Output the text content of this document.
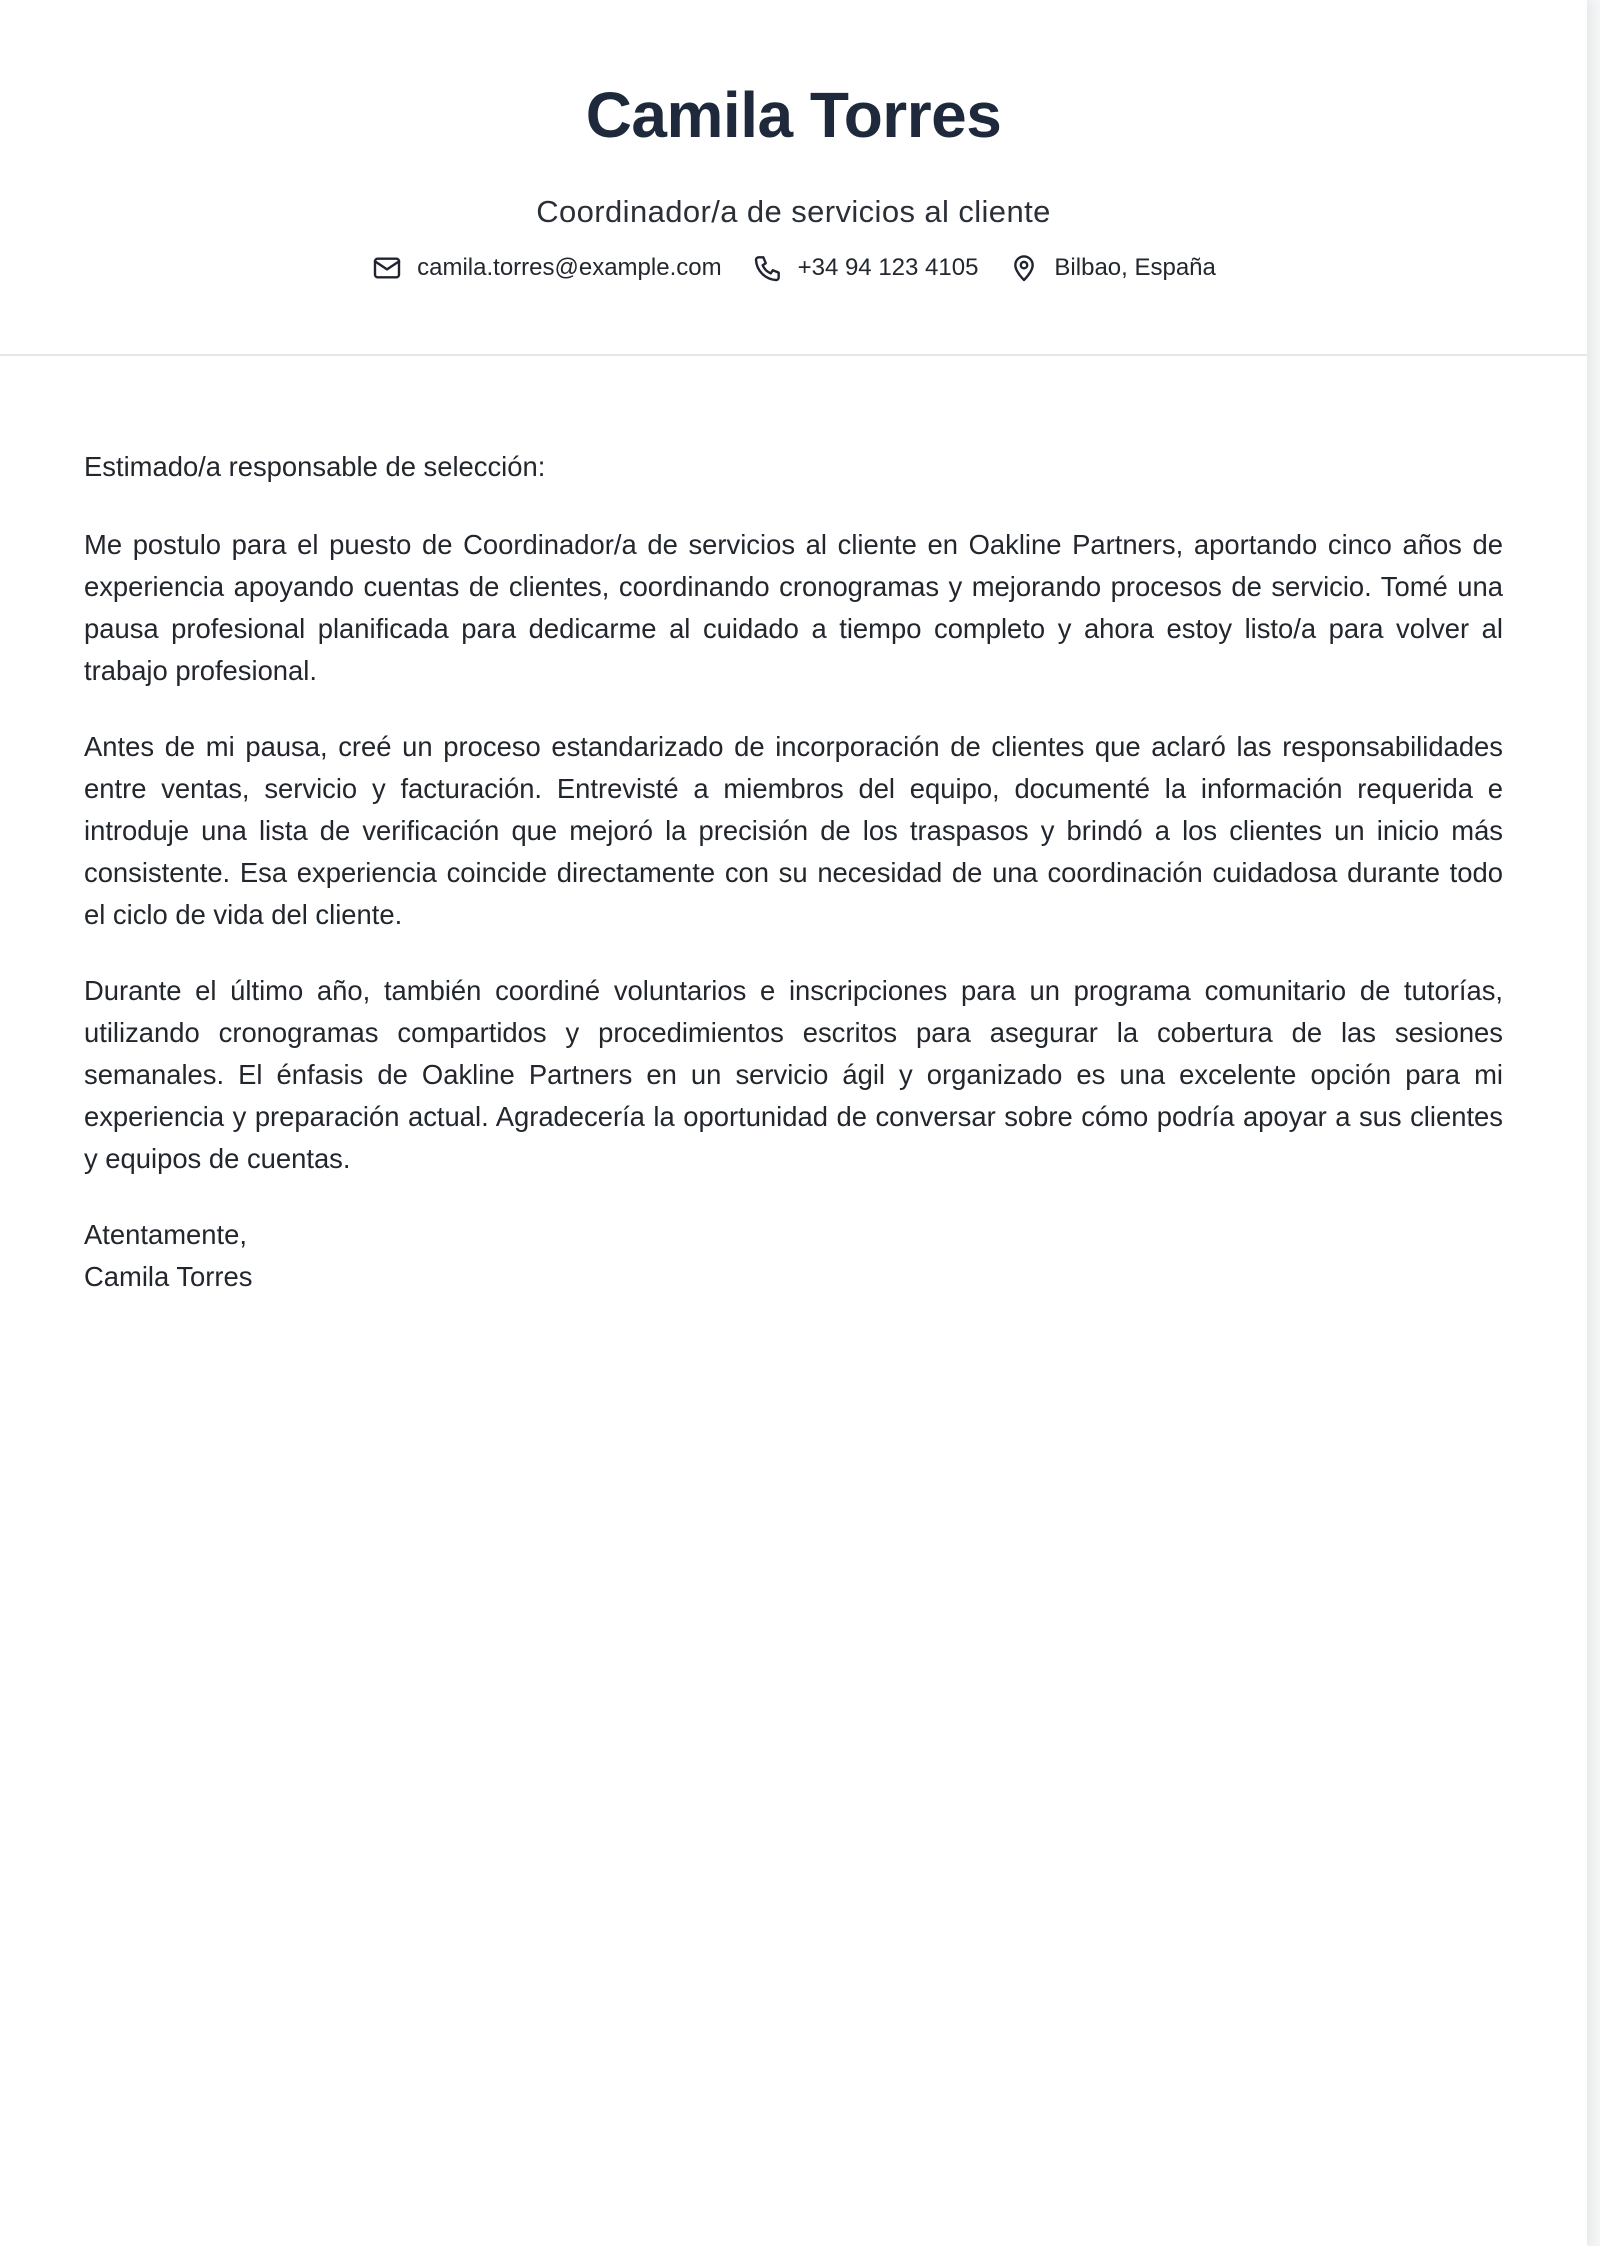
Camila Torres

Coordinador/a de servicios al cliente

camila.torres@example.com	+34 94 123 4105	Bilbao, España

Estimado/a responsable de selección:

Me postulo para el puesto de Coordinador/a de servicios al cliente en Oakline Partners, aportando cinco años de experiencia apoyando cuentas de clientes, coordinando cronogramas y mejorando procesos de servicio. Tomé una pausa profesional planificada para dedicarme al cuidado a tiempo completo y ahora estoy listo/a para volver al trabajo profesional.

Antes de mi pausa, creé un proceso estandarizado de incorporación de clientes que aclaró las responsabilidades entre ventas, servicio y facturación. Entrevisté a miembros del equipo, documenté la información requerida e introduje una lista de verificación que mejoró la precisión de los traspasos y brindó a los clientes un inicio más consistente. Esa experiencia coincide directamente con su necesidad de una coordinación cuidadosa durante todo el ciclo de vida del cliente.

Durante el último año, también coordiné voluntarios e inscripciones para un programa comunitario de tutorías, utilizando cronogramas compartidos y procedimientos escritos para asegurar la cobertura de las sesiones semanales. El énfasis de Oakline Partners en un servicio ágil y organizado es una excelente opción para mi experiencia y preparación actual. Agradecería la oportunidad de conversar sobre cómo podría apoyar a sus clientes y equipos de cuentas.

Atentamente,
Camila Torres
